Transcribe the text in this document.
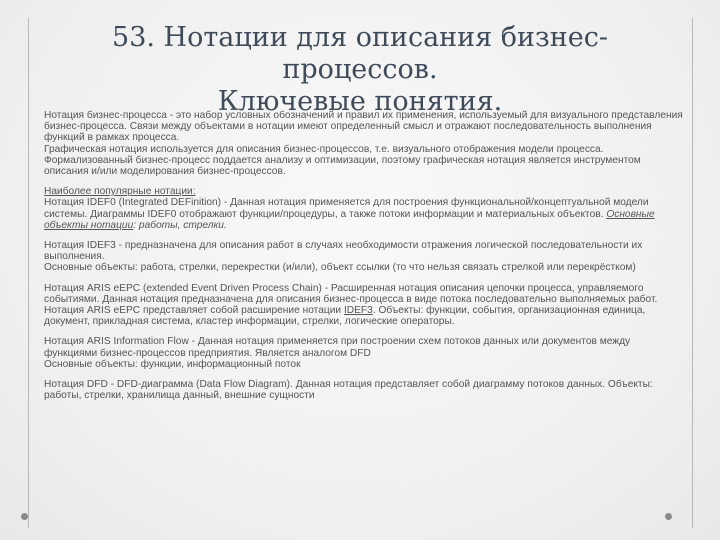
53. Нотации для описания бизнес-процессов.
Ключевые понятия.

Нотация бизнес-процесса - это набор условных обозначений и правил их применения, используемый для визуального представления бизнес-процесса. Связи между объектами в нотации имеют определенный смысл и отражают последовательность выполнения функций в рамках процесса.

Графическая нотация используется для описания бизнес-процессов, т.е. визуального отображения модели процесса. Формализованный бизнес-процесс поддается анализу и оптимизации, поэтому графическая нотация является инструментом описания и/или моделирования бизнес-процессов.

Наиболее популярные нотации:

Нотация IDEF0 (Integrated DEFinition) - Данная нотация применяется для построения функциональной/концептуальной модели системы. Диаграммы IDEF0 отображают функции/процедуры, а также потоки информации и материальных объектов. Основные объекты нотации: работы, стрелки.

Нотация IDEF3 - предназначена для описания работ в случаях необходимости отражения логической последовательности их выполнения.

Основные объекты: работа, стрелки, перекрестки (и/или), объект ссылки (то что нельзя связать стрелкой или перекрёстком)

Нотация ARIS eEPC (extended Event Driven Process Chain) - Расширенная нотация описания цепочки процесса, управляемого событиями. Данная нотация предназначена для описания бизнес-процесса в виде потока последовательно выполняемых работ. Нотация ARIS eEPC представляет собой расширение нотации IDEF3. Объекты: функции, события, организационная единица, документ, прикладная система, кластер информации, стрелки, логические операторы.

Нотация ARIS Information Flow - Данная нотация применяется при построении схем потоков данных или документов между функциями бизнес-процессов предприятия. Является аналогом DFD

Основные объекты: функции, информационный поток

Нотация DFD - DFD-диаграмма (Data Flow Diagram). Данная нотация представляет собой диаграмму потоков данных. Объекты: работы, стрелки, хранилища данный, внешние сущности
